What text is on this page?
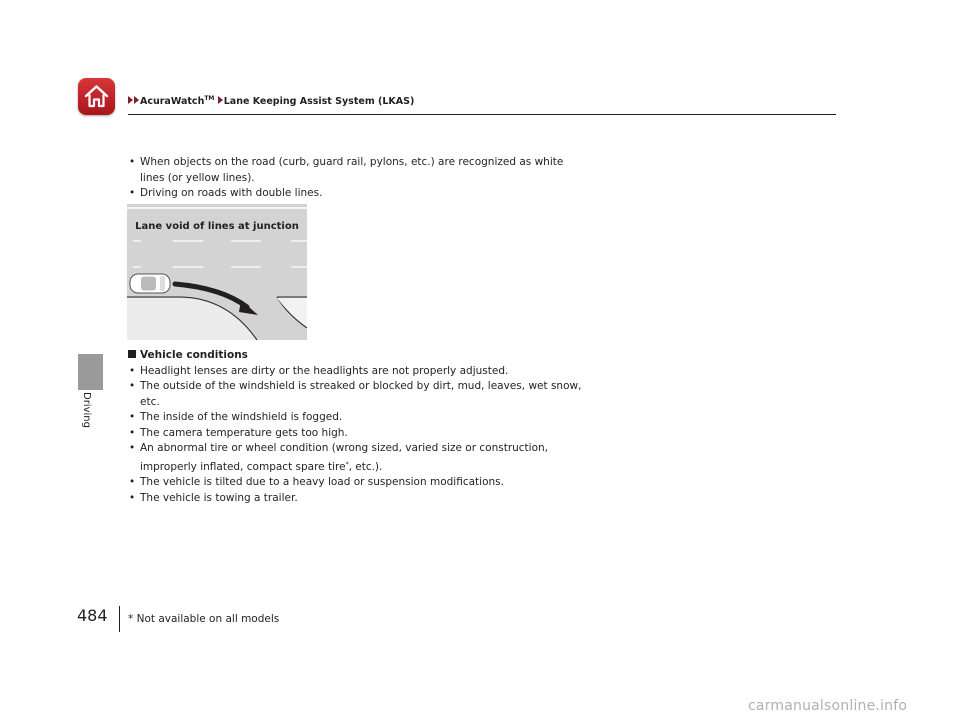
AcuraWatch™ Lane Keeping Assist System (LKAS)
Driving
• When objects on the road (curb, guard rail, pylons, etc.) are recognized as white lines (or yellow lines).
• Driving on roads with double lines.
Lane void of lines at junction
Vehicle conditions
• Headlight lenses are dirty or the headlights are not properly adjusted.
• The outside of the windshield is streaked or blocked by dirt, mud, leaves, wet snow, etc.
• The inside of the windshield is fogged.
• The camera temperature gets too high.
• An abnormal tire or wheel condition (wrong sized, varied size or construction, improperly inflated, compact spare tire*, etc.).
• The vehicle is tilted due to a heavy load or suspension modifications.
• The vehicle is towing a trailer.
484 * Not available on all models
carmanualsonline.info
